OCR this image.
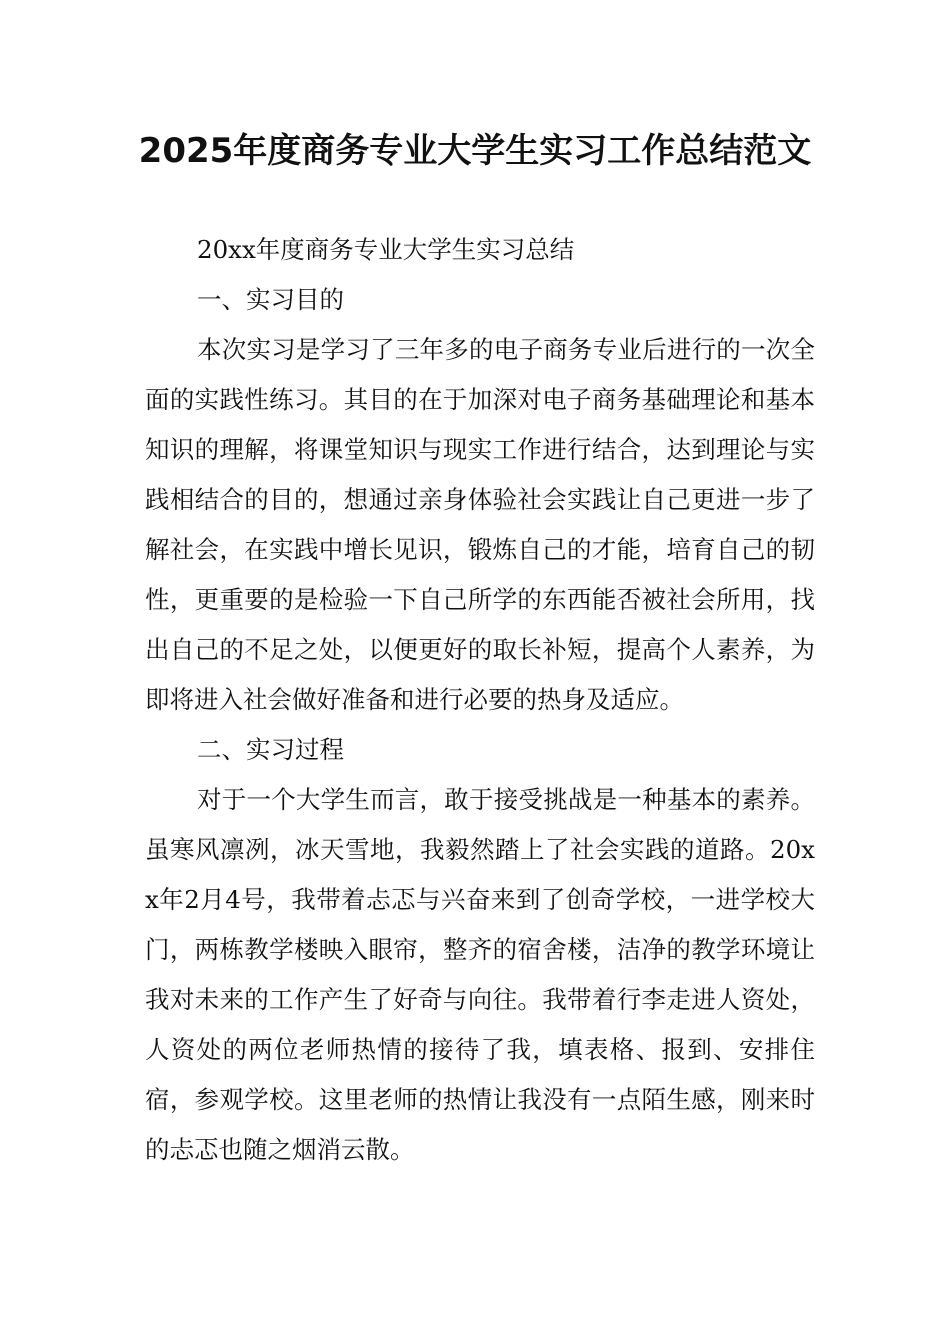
2025年度商务专业大学生实习工作总结范文

20xx年度商务专业大学生实习总结

一、实习目的

本次实习是学习了三年多的电子商务专业后进行的一次全面的实践性练习。其目的在于加深对电子商务基础理论和基本知识的理解，将课堂知识与现实工作进行结合，达到理论与实践相结合的目的，想通过亲身体验社会实践让自己更进一步了解社会，在实践中增长见识，锻炼自己的才能，培育自己的韧性，更重要的是检验一下自己所学的东西能否被社会所用，找出自己的不足之处，以便更好的取长补短，提高个人素养，为即将进入社会做好准备和进行必要的热身及适应。

二、实习过程

对于一个大学生而言，敢于接受挑战是一种基本的素养。虽寒风凛冽，冰天雪地，我毅然踏上了社会实践的道路。20xx年2月4号，我带着忐忑与兴奋来到了创奇学校，一进学校大门，两栋教学楼映入眼帘，整齐的宿舍楼，洁净的教学环境让我对未来的工作产生了好奇与向往。我带着行李走进人资处，人资处的两位老师热情的接待了我，填表格、报到、安排住宿，参观学校。这里老师的热情让我没有一点陌生感，刚来时的忐忑也随之烟消云散。
